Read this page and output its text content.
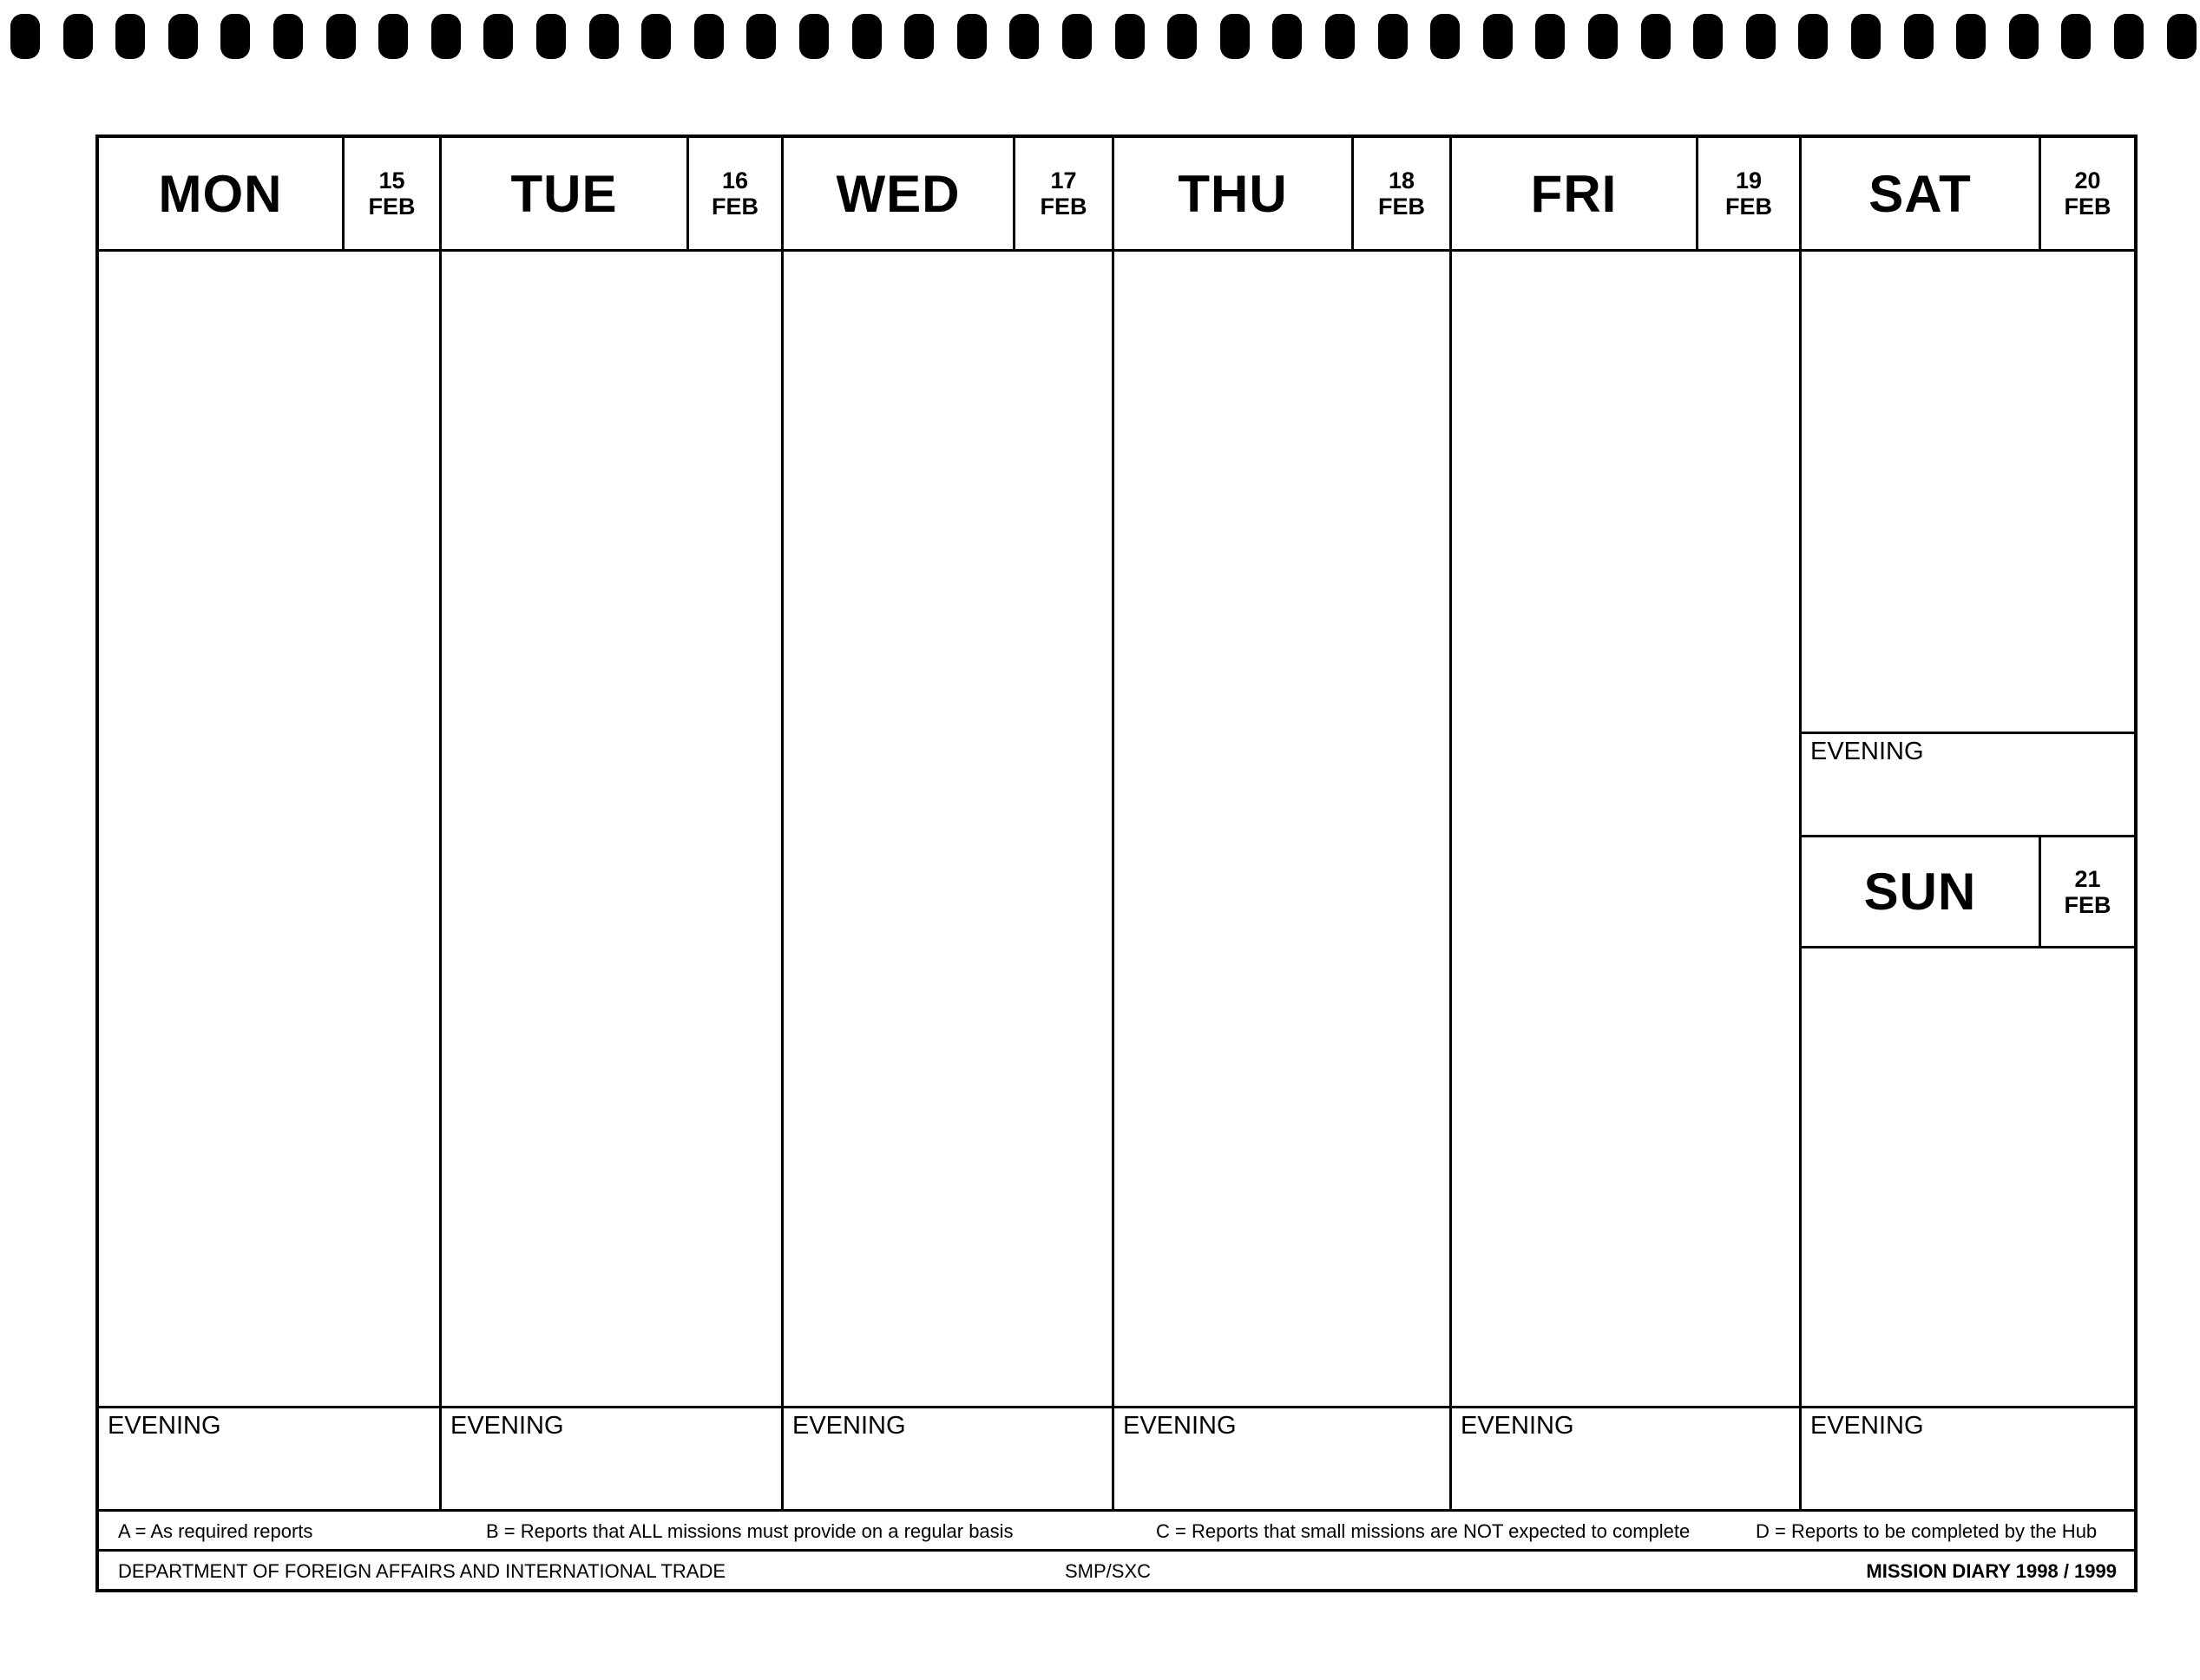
MON	15
FEB
EVENING
TUE	16
FEB
EVENING
WED	17
FEB
EVENING
THU	18
FEB
EVENING
FRI	19
FEB
EVENING
SAT	20
FEB
EVENING
SUN	21
FEB
EVENING
A = As required reports	B = Reports that ALL missions must provide on a regular basis	C = Reports that small missions are NOT expected to complete	D = Reports to be completed by the Hub
DEPARTMENT OF FOREIGN AFFAIRS AND INTERNATIONAL TRADE	SMP/SXC	MISSION DIARY 1998 / 1999
